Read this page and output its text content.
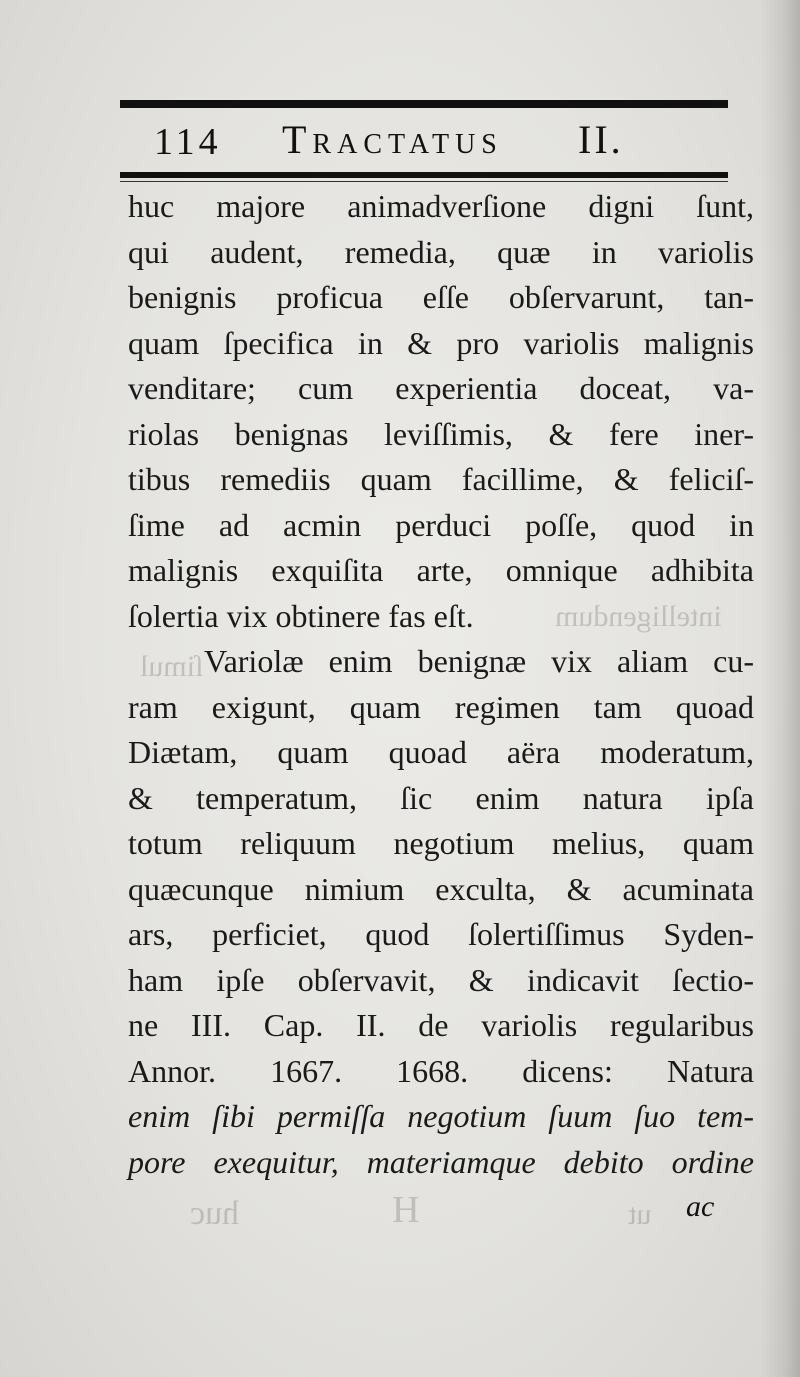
114 Tractatus II.
huc majore animadverſione digni ſunt,
qui audent, remedia, quæ in variolis
benignis proficua eſſe obſervarunt, tan-
quam ſpecifica in & pro variolis malignis
venditare; cum experientia doceat, va-
riolas benignas leviſſimis, & fere iner-
tibus remediis quam facillime, & feliciſ-
ſime ad acmin perduci poſſe, quod in
malignis exquiſita arte, omnique adhibita
ſolertia vix obtinere fas eſt.
Variolæ enim benignæ vix aliam cu-
ram exigunt, quam regimen tam quoad
Diætam, quam quoad aëra moderatum,
& temperatum, ſic enim natura ipſa
totum reliquum negotium melius, quam
quæcunque nimium exculta, & acuminata
ars, perficiet, quod ſolertiſſimus Syden-
ham ipſe obſervavit, & indicavit ſectio-
ne III. Cap. II. de variolis regularibus
Annor. 1667. 1668. dicens: Natura
enim ſibi permiſſa negotium ſuum ſuo tem-
pore exequitur, materiamque debito ordine
ac
intelligendum
ſimul
huc	H	ut
